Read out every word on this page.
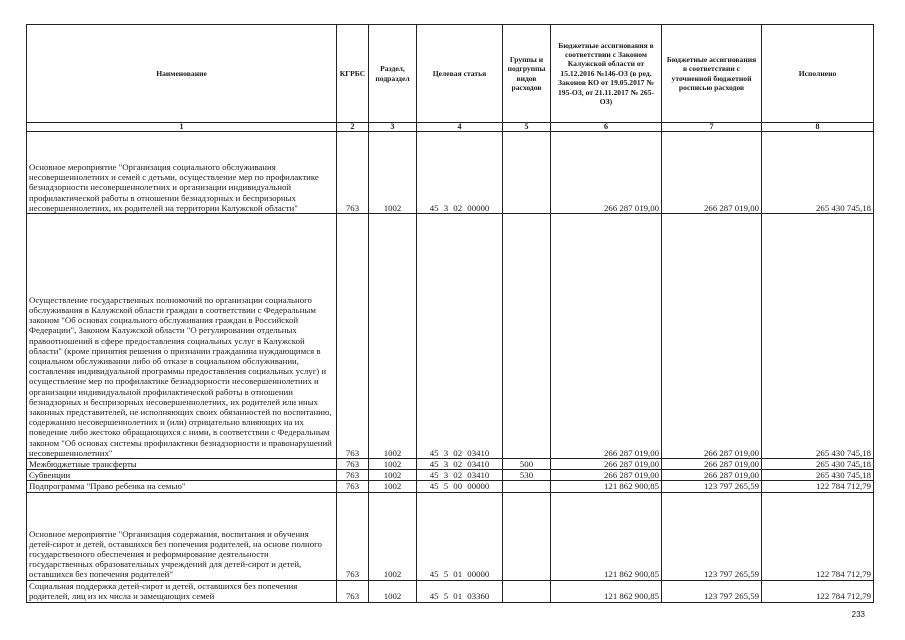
Наименование	КГРБС	Раздел, подраздел	Целевая статья	Группы и подгруппы видов расходов	Бюджетные ассигнования в соответствии с Законом Калужской области от 15.12.2016 №146-ОЗ (в ред. Законов КО от 19.05.2017 № 195-ОЗ, от 21.11.2017 № 265-ОЗ)	Бюджетные ассигнования в соответствии с уточненной бюджетной росписью расходов	Исполнено
1	2	3	4	5	6	7	8
Основное мероприятие "Организация социального обслуживания несовершеннолетних и семей с детьми, осуществление мер по профилактике безнадзорности несовершеннолетних и организации индивидуальной профилактической работы в отношении безнадзорных и беспризорных несовершеннолетних, их родителей на территории Калужской области"	763	1002	45 3 02 00000		266 287 019,00	266 287 019,00	265 430 745,18
Осуществление государственных полномочий по организации социального обслуживания в Калужской области граждан в соответствии с Федеральным законом "Об основах социального обслуживания граждан в Российской Федерации", Законом Калужской области "О регулировании отдельных правоотношений в сфере предоставления социальных услуг в Калужской области" (кроме принятия решения о признании гражданина нуждающимся в социальном обслуживании либо об отказе в социальном обслуживании, составления индивидуальной программы предоставления социальных услуг) и осуществление мер по профилактике безнадзорности несовершеннолетних и организации индивидуальной профилактической работы в отношении безнадзорных и беспризорных несовершеннолетних, их родителей или иных законных представителей, не исполняющих своих обязанностей по воспитанию, содержанию несовершеннолетних и (или) отрицательно влияющих на их поведение либо жестоко обращающихся с ними, в соответствии с Федеральным законом "Об основах системы профилактики безнадзорности и правонарушений несовершеннолетних"	763	1002	45 3 02 03410		266 287 019,00	266 287 019,00	265 430 745,18
Межбюджетные трансферты	763	1002	45 3 02 03410	500	266 287 019,00	266 287 019,00	265 430 745,18
Субвенции	763	1002	45 3 02 03410	530	266 287 019,00	266 287 019,00	265 430 745,18
Подпрограмма "Право ребенка на семью"	763	1002	45 5 00 00000		121 862 900,85	123 797 265,59	122 784 712,79
Основное мероприятие "Организация содержания, воспитания и обучения детей-сирот и детей, оставшихся без попечения родителей, на основе полного государственного обеспечения и реформирование деятельности государственных образовательных учреждений для детей-сирот и детей, оставшихся без попечения родителей"	763	1002	45 5 01 00000		121 862 900,85	123 797 265,59	122 784 712,79
Социальная поддержка детей-сирот и детей, оставшихся без попечения родителей, лиц из их числа и замещающих семей	763	1002	45 5 01 03360		121 862 900,85	123 797 265,59	122 784 712,79
233
